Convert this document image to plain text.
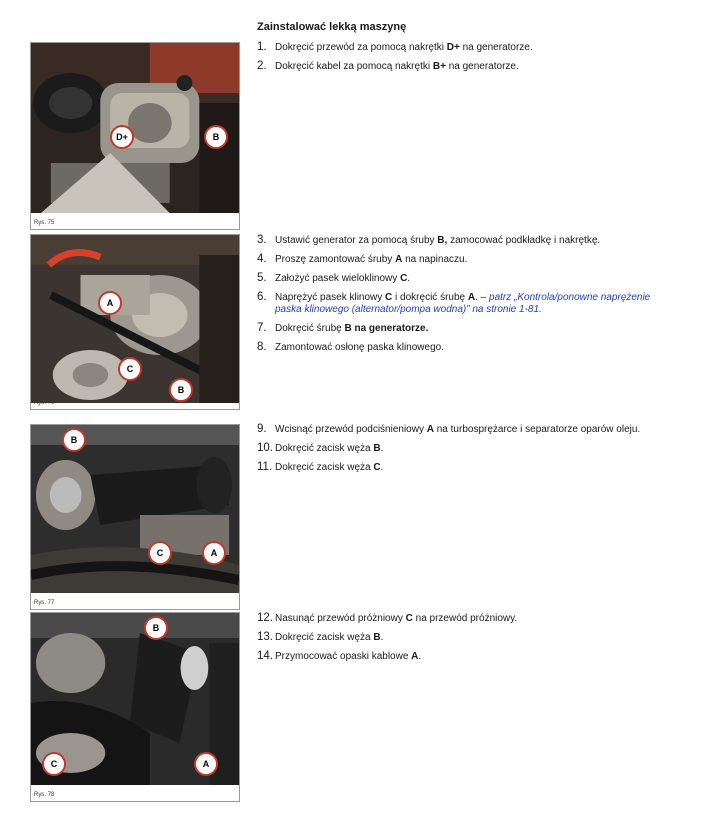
Zainstalować lekką maszynę
D+	B
Rys. 75
A
C
B
Rys. 76
B
C	A
Rys. 77
B
C	A
Rys. 78
1. Dokręcić przewód za pomocą nakrętki D+ na generatorze.
2. Dokręcić kabel za pomocą nakrętki B+ na generatorze.
3. Ustawić generator za pomocą śruby B, zamocować podkładkę i nakrętkę.
4. Proszę zamontować śruby A na napinaczu.
5. Założyć pasek wieloklinowy C.
6. Naprężyć pasek klinowy C i dokręcić śrubę A. – patrz „Kontrola/ponowne naprężenie paska klinowego (alternator/pompa wodna)” na stronie 1-81.
7. Dokręcić śrubę B na generatorze.
8. Zamontować osłonę paska klinowego.
9. Wcisnąć przewód podciśnieniowy A na turbosprężarce i separatorze oparów oleju.
10. Dokręcić zacisk węża B.
11. Dokręcić zacisk węża C.
12. Nasunąć przewód próżniowy C na przewód próżniowy.
13. Dokręcić zacisk węża B.
14. Przymocować opaski kablowe A.
